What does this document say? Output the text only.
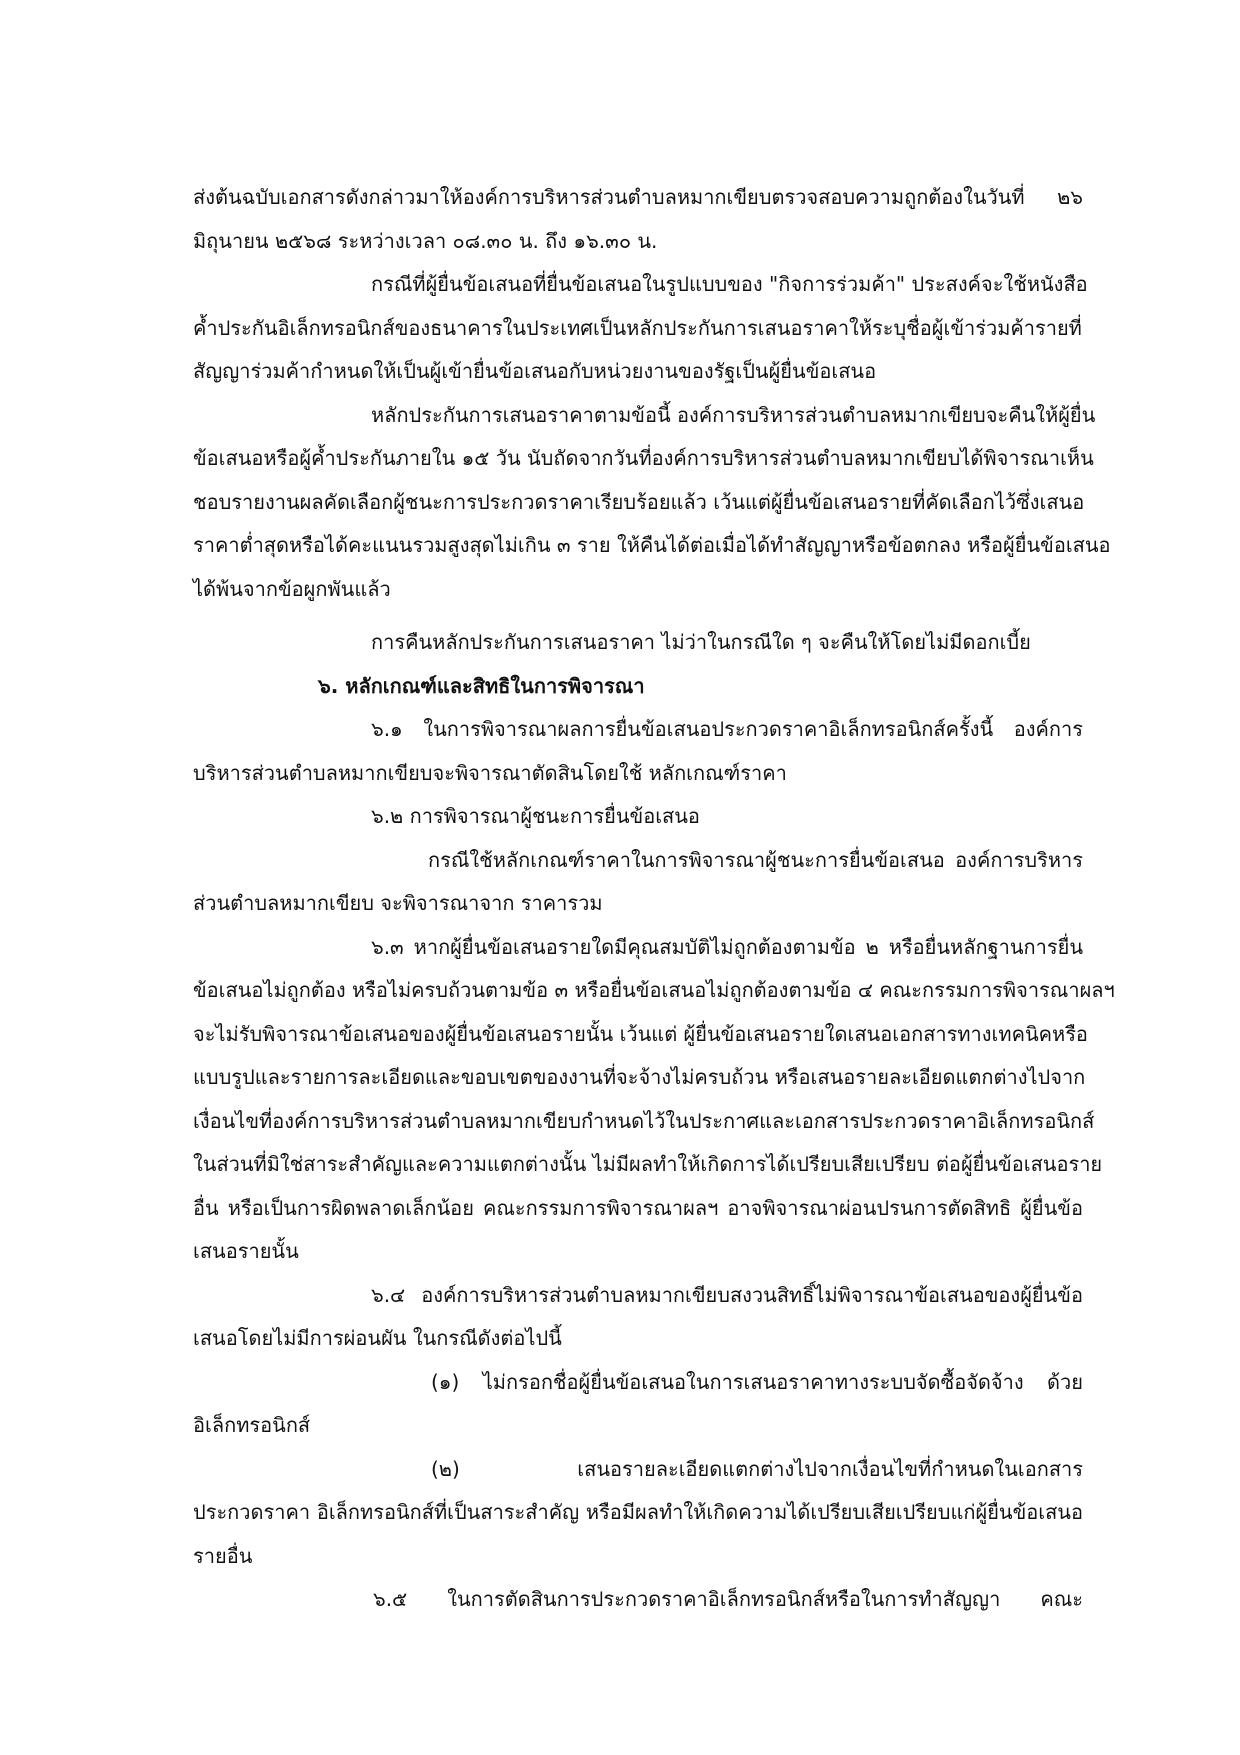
ส่งต้นฉบับเอกสารดังกล่าวมาให้องค์การบริหารส่วนตำบลหมากเขียบตรวจสอบความถูกต้องในวันที่ ๒๖
มิถุนายน ๒๕๖๘ ระหว่างเวลา ๐๘.๓๐ น. ถึง ๑๖.๓๐ น.
กรณีที่ผู้ยื่นข้อเสนอที่ยื่นข้อเสนอในรูปแบบของ "กิจการร่วมค้า" ประสงค์จะใช้หนังสือ
ค้ำประกันอิเล็กทรอนิกส์ของธนาคารในประเทศเป็นหลักประกันการเสนอราคาให้ระบุชื่อผู้เข้าร่วมค้ารายที่
สัญญาร่วมค้ากำหนดให้เป็นผู้เข้ายื่นข้อเสนอกับหน่วยงานของรัฐเป็นผู้ยื่นข้อเสนอ
หลักประกันการเสนอราคาตามข้อนี้ องค์การบริหารส่วนตำบลหมากเขียบจะคืนให้ผู้ยื่น
ข้อเสนอหรือผู้ค้ำประกันภายใน ๑๕ วัน นับถัดจากวันที่องค์การบริหารส่วนตำบลหมากเขียบได้พิจารณาเห็น
ชอบรายงานผลคัดเลือกผู้ชนะการประกวดราคาเรียบร้อยแล้ว เว้นแต่ผู้ยื่นข้อเสนอรายที่คัดเลือกไว้ซึ่งเสนอ
ราคาต่ำสุดหรือได้คะแนนรวมสูงสุดไม่เกิน ๓ ราย ให้คืนได้ต่อเมื่อได้ทำสัญญาหรือข้อตกลง หรือผู้ยื่นข้อเสนอ
ได้พ้นจากข้อผูกพันแล้ว
การคืนหลักประกันการเสนอราคา ไม่ว่าในกรณีใด ๆ จะคืนให้โดยไม่มีดอกเบี้ย
๖. หลักเกณฑ์และสิทธิในการพิจารณา
๖.๑ ในการพิจารณาผลการยื่นข้อเสนอประกวดราคาอิเล็กทรอนิกส์ครั้งนี้ องค์การ
บริหารส่วนตำบลหมากเขียบจะพิจารณาตัดสินโดยใช้ หลักเกณฑ์ราคา
๖.๒ การพิจารณาผู้ชนะการยื่นข้อเสนอ
กรณีใช้หลักเกณฑ์ราคาในการพิจารณาผู้ชนะการยื่นข้อเสนอ องค์การบริหาร
ส่วนตำบลหมากเขียบ จะพิจารณาจาก ราคารวม
๖.๓ หากผู้ยื่นข้อเสนอรายใดมีคุณสมบัติไม่ถูกต้องตามข้อ ๒ หรือยื่นหลักฐานการยื่น
ข้อเสนอไม่ถูกต้อง หรือไม่ครบถ้วนตามข้อ ๓ หรือยื่นข้อเสนอไม่ถูกต้องตามข้อ ๔ คณะกรรมการพิจารณาผลฯ
จะไม่รับพิจารณาข้อเสนอของผู้ยื่นข้อเสนอรายนั้น เว้นแต่ ผู้ยื่นข้อเสนอรายใดเสนอเอกสารทางเทคนิคหรือ
แบบรูปและรายการละเอียดและขอบเขตของงานที่จะจ้างไม่ครบถ้วน หรือเสนอรายละเอียดแตกต่างไปจาก
เงื่อนไขที่องค์การบริหารส่วนตำบลหมากเขียบกำหนดไว้ในประกาศและเอกสารประกวดราคาอิเล็กทรอนิกส์
ในส่วนที่มิใช่สาระสำคัญและความแตกต่างนั้น ไม่มีผลทำให้เกิดการได้เปรียบเสียเปรียบ ต่อผู้ยื่นข้อเสนอราย
อื่น หรือเป็นการผิดพลาดเล็กน้อย คณะกรรมการพิจารณาผลฯ อาจพิจารณาผ่อนปรนการตัดสิทธิ ผู้ยื่นข้อ
เสนอรายนั้น
๖.๔ องค์การบริหารส่วนตำบลหมากเขียบสงวนสิทธิ์ไม่พิจารณาข้อเสนอของผู้ยื่นข้อ
เสนอโดยไม่มีการผ่อนผัน ในกรณีดังต่อไปนี้
(๑) ไม่กรอกชื่อผู้ยื่นข้อเสนอในการเสนอราคาทางระบบจัดซื้อจัดจ้าง ด้วย
อิเล็กทรอนิกส์
(๒) เสนอรายละเอียดแตกต่างไปจากเงื่อนไขที่กำหนดในเอกสาร
ประกวดราคา อิเล็กทรอนิกส์ที่เป็นสาระสำคัญ หรือมีผลทำให้เกิดความได้เปรียบเสียเปรียบแก่ผู้ยื่นข้อเสนอ
รายอื่น
๖.๕ ในการตัดสินการประกวดราคาอิเล็กทรอนิกส์หรือในการทำสัญญา คณะ
